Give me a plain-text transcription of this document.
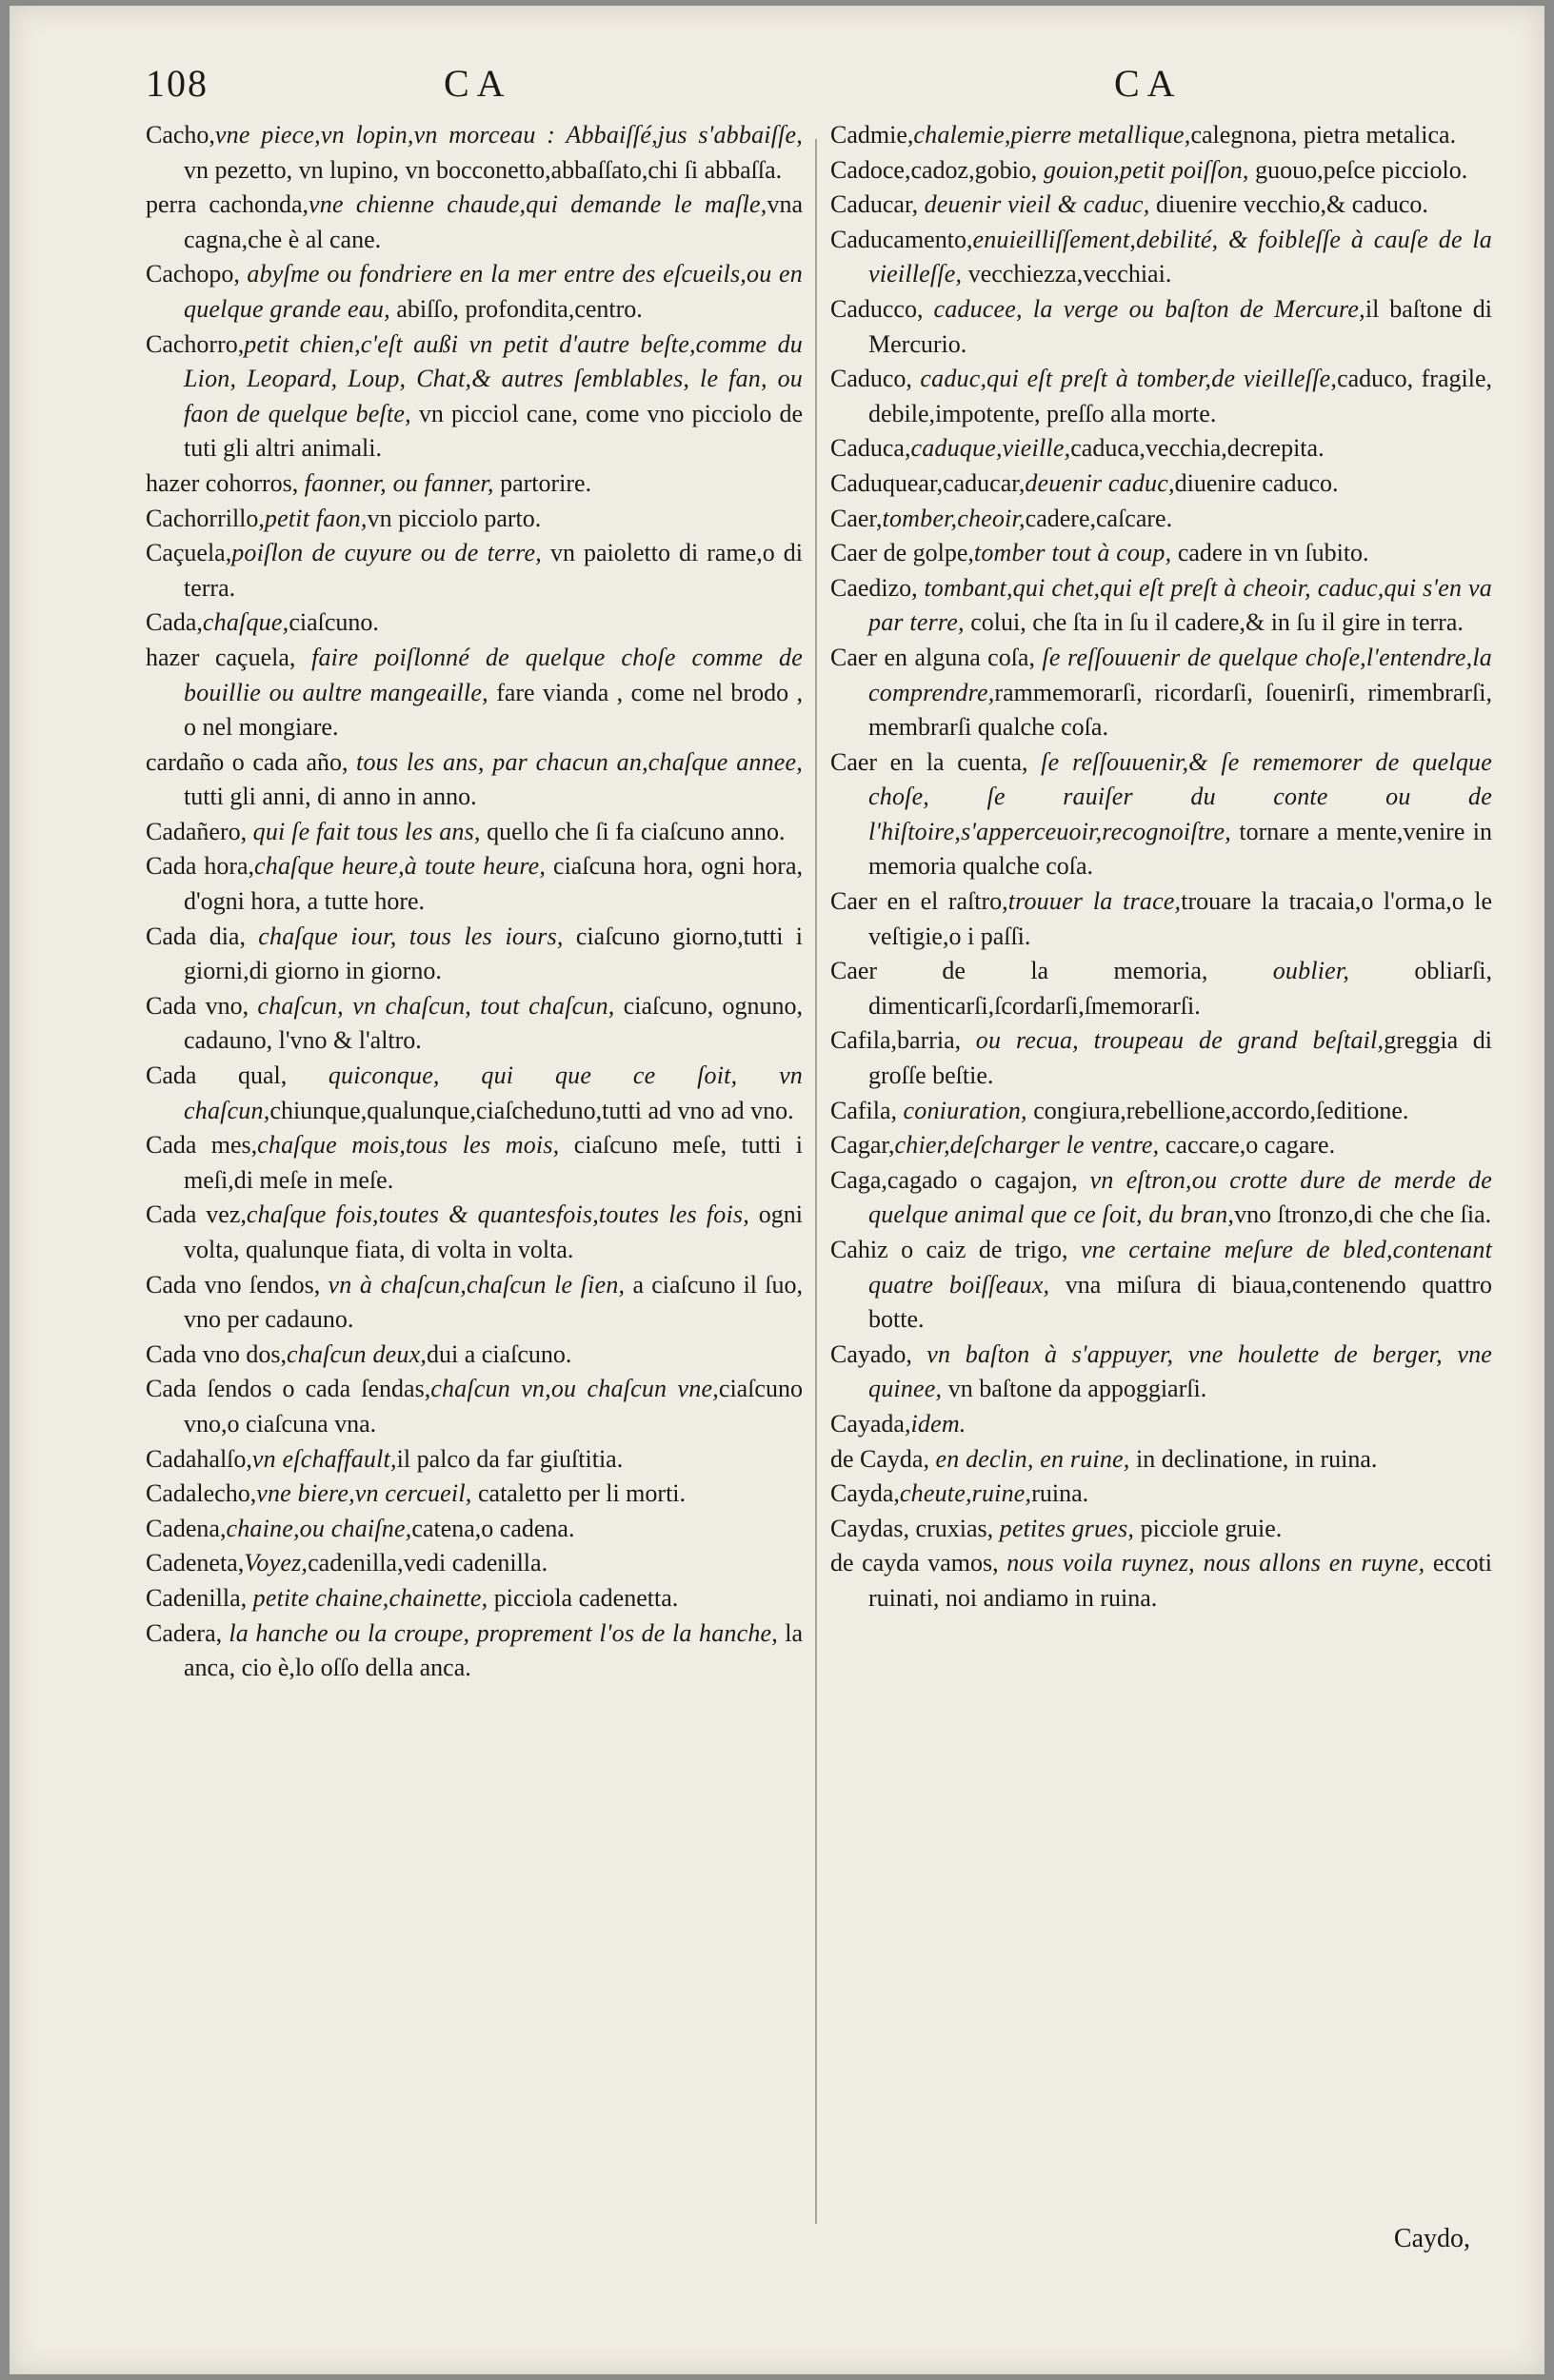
108	CA	CA

Cacho,vne piece,vn lopin,vn morceau : Abbaiſſé,jus s'abbaiſſe, vn pezetto, vn lupino, vn bocconetto,abbaſſato,chi ſi abbaſſa.

perra cachonda,vne chienne chaude,qui demande le maſle,vna cagna,che è al cane.

Cachopo, abyſme ou fondriere en la mer entre des eſcueils,ou en quelque grande eau, abiſſo, profondita,centro.

Cachorro,petit chien,c'eſt außi vn petit d'autre beſte,comme du Lion, Leopard, Loup, Chat,& autres ſemblables, le fan, ou faon de quelque beſte, vn picciol cane, come vno picciolo de tuti gli altri animali.

hazer cohorros, faonner, ou fanner, partorire.

Cachorrillo,petit faon,vn picciolo parto.

Caçuela,poiſlon de cuyure ou de terre, vn paioletto di rame,o di terra.

Cada,chaſque,ciaſcuno.

hazer caçuela, faire poiſlonné de quelque choſe comme de bouillie ou aultre mangeaille, fare vianda , come nel brodo , o nel mongiare.

cardaño o cada año, tous les ans, par chacun an,chaſque annee, tutti gli anni, di anno in anno.

Cadañero, qui ſe fait tous les ans, quello che ſi fa ciaſcuno anno.

Cada hora,chaſque heure,à toute heure, ciaſcuna hora, ogni hora, d'ogni hora, a tutte hore.

Cada dia, chaſque iour, tous les iours, ciaſcuno giorno,tutti i giorni,di giorno in giorno.

Cada vno, chaſcun, vn chaſcun, tout chaſcun, ciaſcuno, ognuno, cadauno, l'vno & l'altro.

Cada qual, quiconque, qui que ce ſoit, vn chaſcun,chiunque,qualunque,ciaſcheduno,tutti ad vno ad vno.

Cada mes,chaſque mois,tous les mois, ciaſcuno meſe, tutti i meſi,di meſe in meſe.

Cada vez,chaſque fois,toutes & quantesfois,toutes les fois, ogni volta, qualunque fiata, di volta in volta.

Cada vno ſendos, vn à chaſcun,chaſcun le ſien, a ciaſcuno il ſuo, vno per cadauno.

Cada vno dos,chaſcun deux,dui a ciaſcuno.

Cada ſendos o cada ſendas,chaſcun vn,ou chaſcun vne,ciaſcuno vno,o ciaſcuna vna.

Cadahalſo,vn eſchaffault,il palco da far giuſtitia.

Cadalecho,vne biere,vn cercueil, cataletto per li morti.

Cadena,chaine,ou chaiſne,catena,o cadena.

Cadeneta,Voyez,cadenilla,vedi cadenilla.

Cadenilla, petite chaine,chainette, picciola cadenetta.

Cadera, la hanche ou la croupe, proprement l'os de la hanche, la anca, cio è,lo oſſo della anca.

Cadmie,chalemie,pierre metallique,calegnona, pietra metalica.

Cadoce,cadoz,gobio, gouion,petit poiſſon, guouo,peſce picciolo.

Caducar, deuenir vieil & caduc, diuenire vecchio,& caduco.

Caducamento,enuieilliſſement,debilité, & foibleſſe à cauſe de la vieilleſſe, vecchiezza,vecchiai.

Caducco, caducee, la verge ou baſton de Mercure,il baſtone di Mercurio.

Caduco, caduc,qui eſt preſt à tomber,de vieilleſſe,caduco, fragile, debile,impotente, preſſo alla morte.

Caduca,caduque,vieille,caduca,vecchia,decrepita.

Caduquear,caducar,deuenir caduc,diuenire caduco.

Caer,tomber,cheoir,cadere,caſcare.

Caer de golpe,tomber tout à coup, cadere in vn ſubito.

Caedizo, tombant,qui chet,qui eſt preſt à cheoir, caduc,qui s'en va par terre, colui, che ſta in ſu il cadere,& in ſu il gire in terra.

Caer en alguna coſa, ſe reſſouuenir de quelque choſe,l'entendre,la comprendre,rammemorarſi, ricordarſi, ſouenirſi, rimembrarſi, membrarſi qualche coſa.

Caer en la cuenta, ſe reſſouuenir,& ſe rememorer de quelque choſe, ſe rauiſer du conte ou de l'hiſtoire,s'apperceuoir,recognoiſtre, tornare a mente,venire in memoria qualche coſa.

Caer en el raſtro,trouuer la trace,trouare la tracaia,o l'orma,o le veſtigie,o i paſſi.

Caer de la memoria, oublier, obliarſi, dimenticarſi,ſcordarſi,ſmemorarſi.

Cafila,barria, ou recua, troupeau de grand beſtail,greggia di groſſe beſtie.

Cafila, coniuration, congiura,rebellione,accordo,ſeditione.

Cagar,chier,deſcharger le ventre, caccare,o cagare.

Caga,cagado o cagajon, vn eſtron,ou crotte dure de merde de quelque animal que ce ſoit, du bran,vno ſtronzo,di che che ſia.

Cahiz o caiz de trigo, vne certaine meſure de bled,contenant quatre boiſſeaux, vna miſura di biaua,contenendo quattro botte.

Cayado, vn baſton à s'appuyer, vne houlette de berger, vne quinee, vn baſtone da appoggiarſi.

Cayada,idem.

de Cayda, en declin, en ruine, in declinatione, in ruina.

Cayda,cheute,ruine,ruina.

Caydas, cruxias, petites grues, picciole gruie.

de cayda vamos, nous voila ruynez, nous allons en ruyne, eccoti ruinati, noi andiamo in ruina.

Caydo,
